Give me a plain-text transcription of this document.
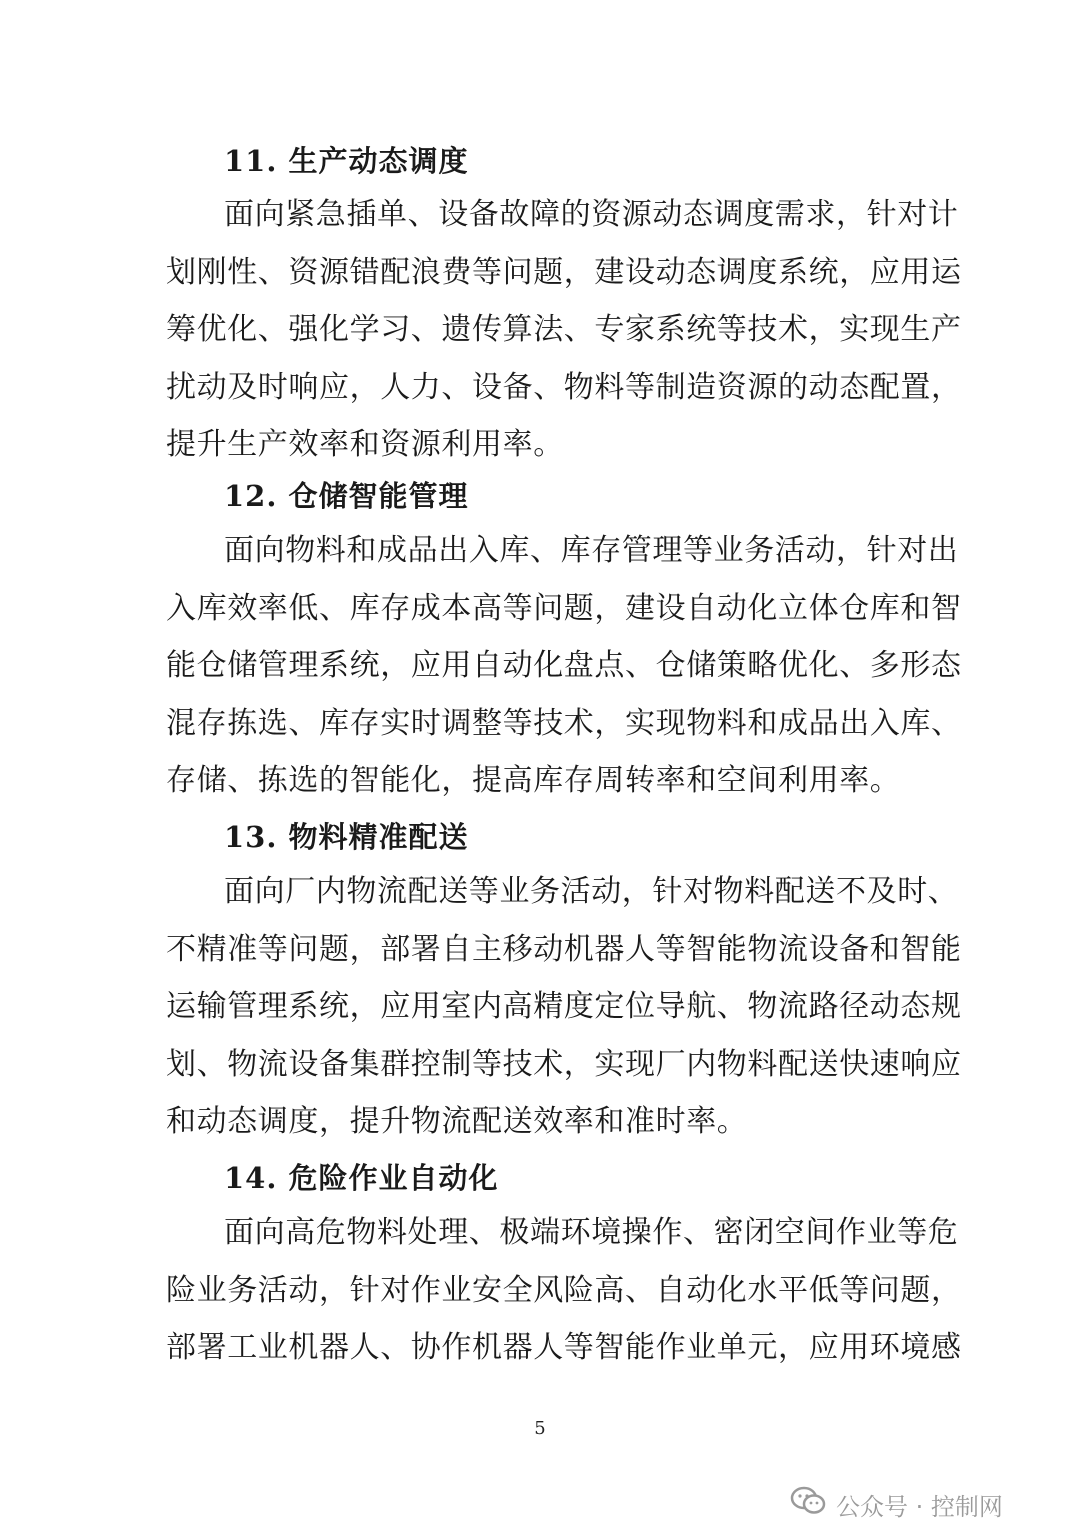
11. 生产动态调度
面向紧急插单、设备故障的资源动态调度需求，针对计
划刚性、资源错配浪费等问题，建设动态调度系统，应用运
筹优化、强化学习、遗传算法、专家系统等技术，实现生产
扰动及时响应，人力、设备、物料等制造资源的动态配置，
提升生产效率和资源利用率。
12. 仓储智能管理
面向物料和成品出入库、库存管理等业务活动，针对出
入库效率低、库存成本高等问题，建设自动化立体仓库和智
能仓储管理系统，应用自动化盘点、仓储策略优化、多形态
混存拣选、库存实时调整等技术，实现物料和成品出入库、
存储、拣选的智能化，提高库存周转率和空间利用率。
13. 物料精准配送
面向厂内物流配送等业务活动，针对物料配送不及时、
不精准等问题，部署自主移动机器人等智能物流设备和智能
运输管理系统，应用室内高精度定位导航、物流路径动态规
划、物流设备集群控制等技术，实现厂内物料配送快速响应
和动态调度，提升物流配送效率和准时率。
14. 危险作业自动化
面向高危物料处理、极端环境操作、密闭空间作业等危
险业务活动，针对作业安全风险高、自动化水平低等问题，
部署工业机器人、协作机器人等智能作业单元，应用环境感
5
公众号 · 控制网
